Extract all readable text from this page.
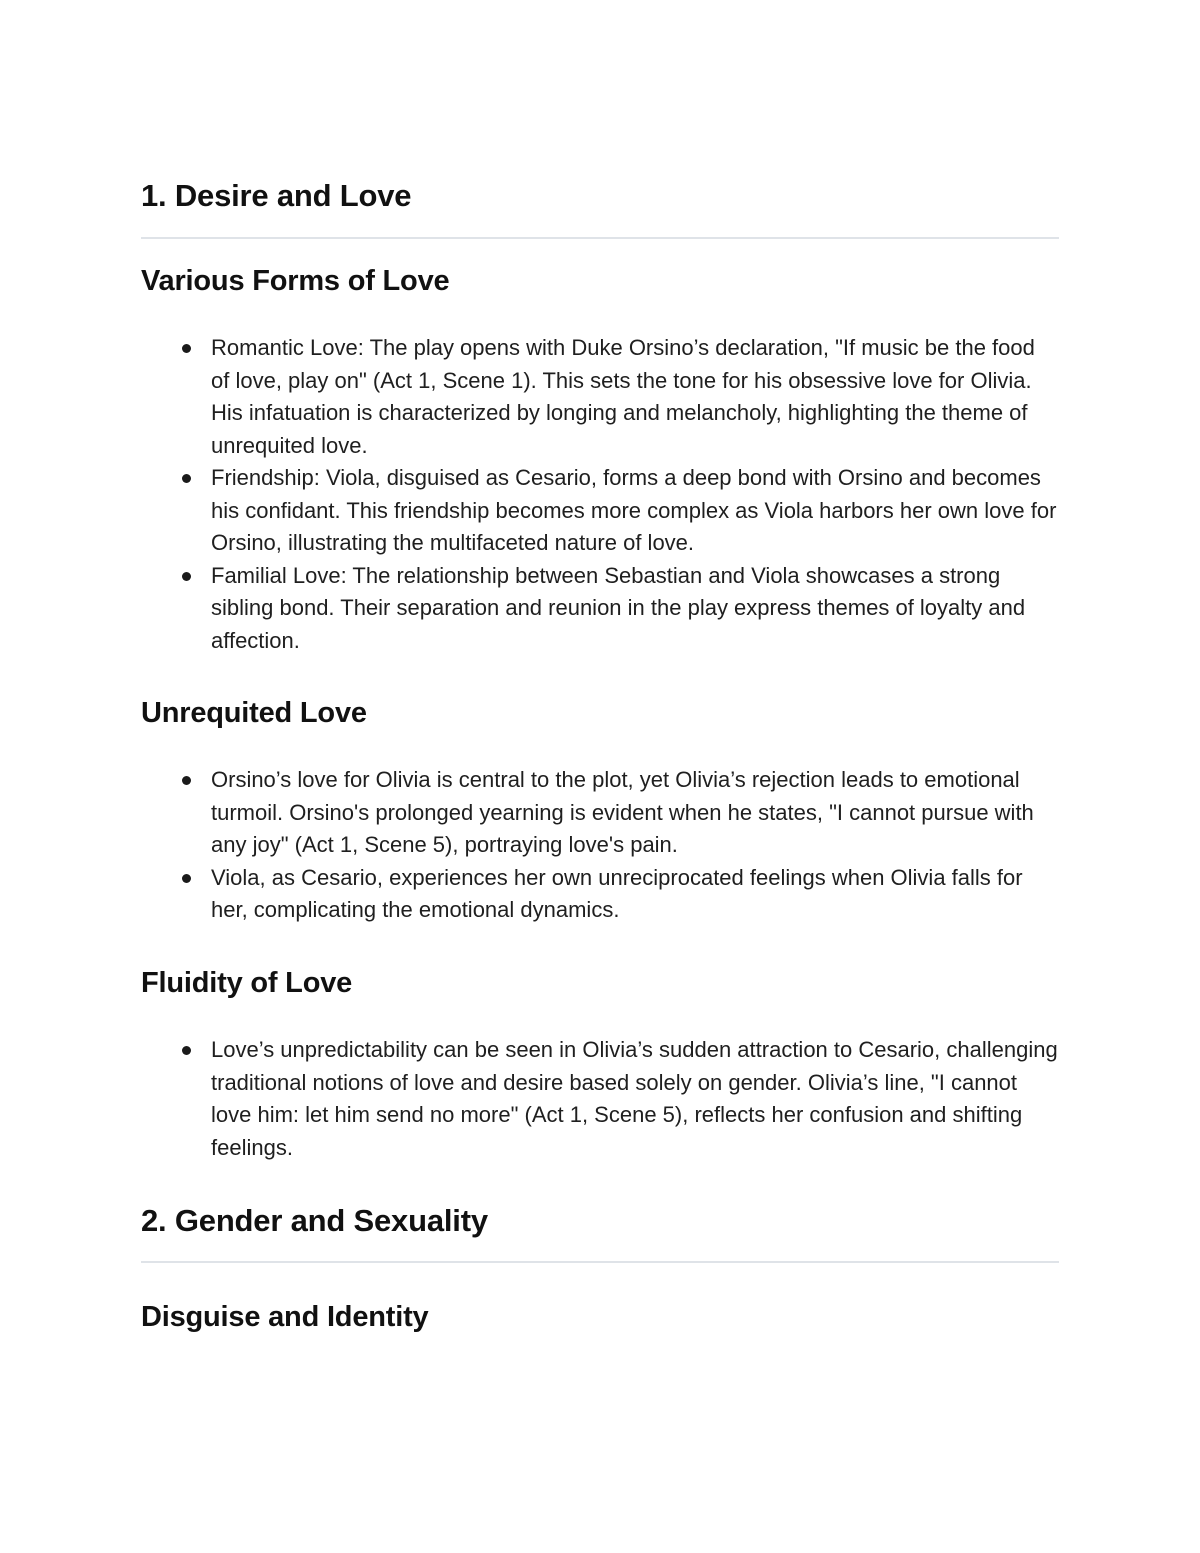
1. Desire and Love
Various Forms of Love
Romantic Love: The play opens with Duke Orsino’s declaration, "If music be the food of love, play on" (Act 1, Scene 1). This sets the tone for his obsessive love for Olivia. His infatuation is characterized by longing and melancholy, highlighting the theme of unrequited love.
Friendship: Viola, disguised as Cesario, forms a deep bond with Orsino and becomes his confidant. This friendship becomes more complex as Viola harbors her own love for Orsino, illustrating the multifaceted nature of love.
Familial Love: The relationship between Sebastian and Viola showcases a strong sibling bond. Their separation and reunion in the play express themes of loyalty and affection.
Unrequited Love
Orsino’s love for Olivia is central to the plot, yet Olivia’s rejection leads to emotional turmoil. Orsino's prolonged yearning is evident when he states, "I cannot pursue with any joy" (Act 1, Scene 5), portraying love's pain.
Viola, as Cesario, experiences her own unreciprocated feelings when Olivia falls for her, complicating the emotional dynamics.
Fluidity of Love
Love’s unpredictability can be seen in Olivia’s sudden attraction to Cesario, challenging traditional notions of love and desire based solely on gender. Olivia’s line, "I cannot love him: let him send no more" (Act 1, Scene 5), reflects her confusion and shifting feelings.
2. Gender and Sexuality
Disguise and Identity
